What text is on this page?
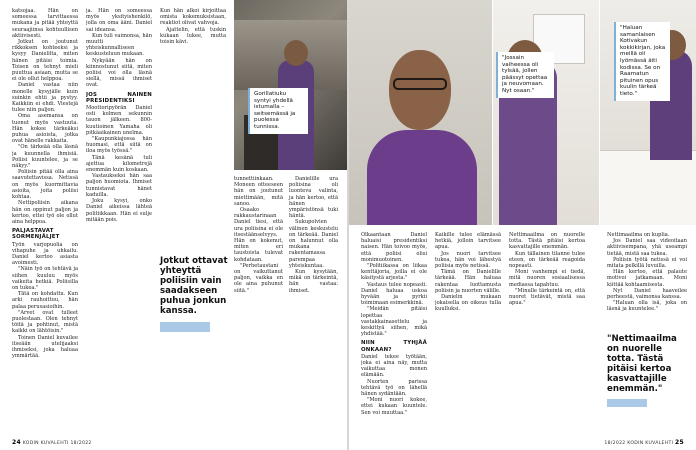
Gorillatiuku syntyi yhdellä istumalla – seitsemässä ja puolessa tunnissa.

katsojaa. Hän on someessa tarvittaessa mukana ja pitää yhteyttä seuraajiinsa kohtuullisen aktiivisesti.

Jotkut on joutunut rikkoksen kohteeksi ja kysyy Danielilta, miten hänen pitäisi toimia. Toisen on tehnyt mieli puuttua asiaan, mutta se ei ole ollut helppoa.

Daniel vastaa niin monelle kysyjälle kuin suinkin ehtii ja pystyy. Kaikkiin ei ehdi. Viestejä tulee niin paljon.

Oma asemansa on tuonut myös vastuuta. Hän kokee tärkeäksi puhua asioista, jotka ovat hänelle rakkaita.

"On tärkeää olla läsnä ja kuunnella ihmisiä. Poliisi kuuntelee, ja se näkyy."

Poliisin pitää olla aina saavutettavissa. Netissä on myös kuormittavia asioita, joita poliisi kohtaa.

Nettipoliisin aikana hän on oppinut paljon ja kertoo, ettei työ ole ollut aina helppoa.

PALJASTAVAT SORMENJÄLJET

Työn varjopuolia on vihapuhe ja uhkailu. Daniel kertoo asiasta avoimesti.

"Näin työ on tehtävä ja siihen kuuluu myös vaikeita hetkiä. Poliisilla on tukea."

Tätä on kohdattu. Kun arki rauhoittuu, hän palaa perusasioihin.

"Arvet ovat tulleet puolestaan. Olen tehnyt töitä ja pohtinut, mistä kaikki on lähtöisin."

Toinen Daniel kuvailee itseään utelijaaksi ihmiseksi, joka haluaa ymmärtää.

ja. Hän on someessa myös yksityishenkilö, jolla on oma ääni. Daniel sai ideansa.

Kun tuli vaimonsa, hän muutti yhteiskunnalliseen keskusteluun mukaan.

Nykyään hän on kiinnostunut siitä, miten poliisi voi olla läsnä siellä, missä ihmiset ovat.

JOS NAINEN PRESIDENTIKSI

Moottoripyörän Daniel osti kolmen sekunnin tauon jälkeen. 800-kuutioinen Yamaha oli pitkäaikainen unelma.

"Kaupunkiajossa hän huomasi, että siitä on iloa myös työssä."

Tänä kesänä tuli ajettua kilometrejä enemmän kuin koskaan.

Vastaukseksi hän saa paljon huomiota. Ihmiset tunnistavat hänet kaduilla.

Joku kysyi, onko Daniel aikeissa lähteä politiikkaan. Hän ei sulje mitään pois.

Kun hän alkoi kirjoittaa omista kokemuksistaan, reaktiot olivat vahvoja.

Ajattelin, että tuskin kukaan lukee, mutta toisin kävi.

Jotkut ottavat yhteyttä poliisiin vain saadakseen puhua jonkun kanssa.

tunnettiinkaan. Moneen otteeseen hän on joutunut miettimään, mitä sanoo.

Osaako rakkaustarinaan Daniel tiesi, että ura poliisina ei ole itsestäänselvyys. Hän on kokenut, miten eri taustoista tulevat kohdataan.

"Perhetaustani on vaikuttanut paljon, vaikka en ole aina puhunut siitä."

Danielille ura poliisina oli luonteva valinta, ja hän kertoo, että hänen ympäristönsä tuki häntä.

Sukupolvien välinen keskustelu on tärkeää. Daniel on halunnut olla mukana rakentamassa parempaa yhteiskuntaa.

Kun kysytään, mikä on tärkeintä, hän vastaa: ihmiset.

24 KODIN KUVALEHTI 18/2022
"Jossain vaiheessa oli tylsää, jollen päässyt opettaa ja neuvomaan. Nyt osaan."
"Haluan samanlaisen Kotivakun kokkikirjan, joka meillä oli lyömässä äiti kodissa. Se on Raamatun pituinen opus kuulin tärkeä tieto."

Olkaantaan Daniel haluaisi presidentiksi naisen. Hän toivoo myös, että poliisi olisi monimuotoinen.

"Politiikassa on liikaa kenttäjoria, joilla ei ole käsitystä arjesta."

Vastaus tulee nopeasti. Daniel haluaa uskoa hyvään ja pyrkii toimimaan esimerkkinä.

"Meidän pitäisi lopettaa vastakkainasettelu ja keskittyä siihen, mikä yhdistää."

NIIN TYHJÄÄ ONKAAN?

Daniel tekee työtään, joka ei aina näy, mutta vaikuttaa monen elämään.

Nuorten parissa tehtävä työ on lähellä hänen sydäntään.

"Moni nuori kokee, ettei kukaan kuuntele. Sen voi muuttaa."

Kaikille tulee elämässä hetkiä, jolloin tarvitsee apua.

Jos nuori tarvitsee tukea, hän voi lähestyä poliisia myös netissä.

Tämä on Danielille tärkeää. Hän haluaa rakentaa luottamusta poliisin ja nuorten välille.

Danielin mukaan jokaisella on oikeus tulla kuulluksi.

Nettimaailma on nuorelle totta. Tästä pitäisi kertoa kasvattajille enemmän.

Kun tällainen tilanne tulee eteen, on tärkeää reagoida nopeasti.

Moni vanhempi ei tiedä, mitä nuoren sosiaalisessa mediassa tapahtuu.

"Minulle tärkeintä on, että nuoret tietävät, mistä saa apua."

Nettimaailma on kuplia.

Jos Daniel saa videoitaan aktiivisempana, yhä useampi tietää, mistä saa tukea.

Poliisin työtä netissä ei voi mitata pelkillä luvuilla.

Hän kertoo, että palaute motivoi jatkamaan. Moni kiittää kohtaamisesta.

Nyt Daniel haaveilee perheestä, vaimonsa kanssa.

"Haluan olla isä, joka on läsnä ja kuuntelee."

"Nettimaailma on nuorelle totta. Tästä pitäisi kertoa kasvattajille enemmän."
18/2022 KODIN KUVALEHTI 25
